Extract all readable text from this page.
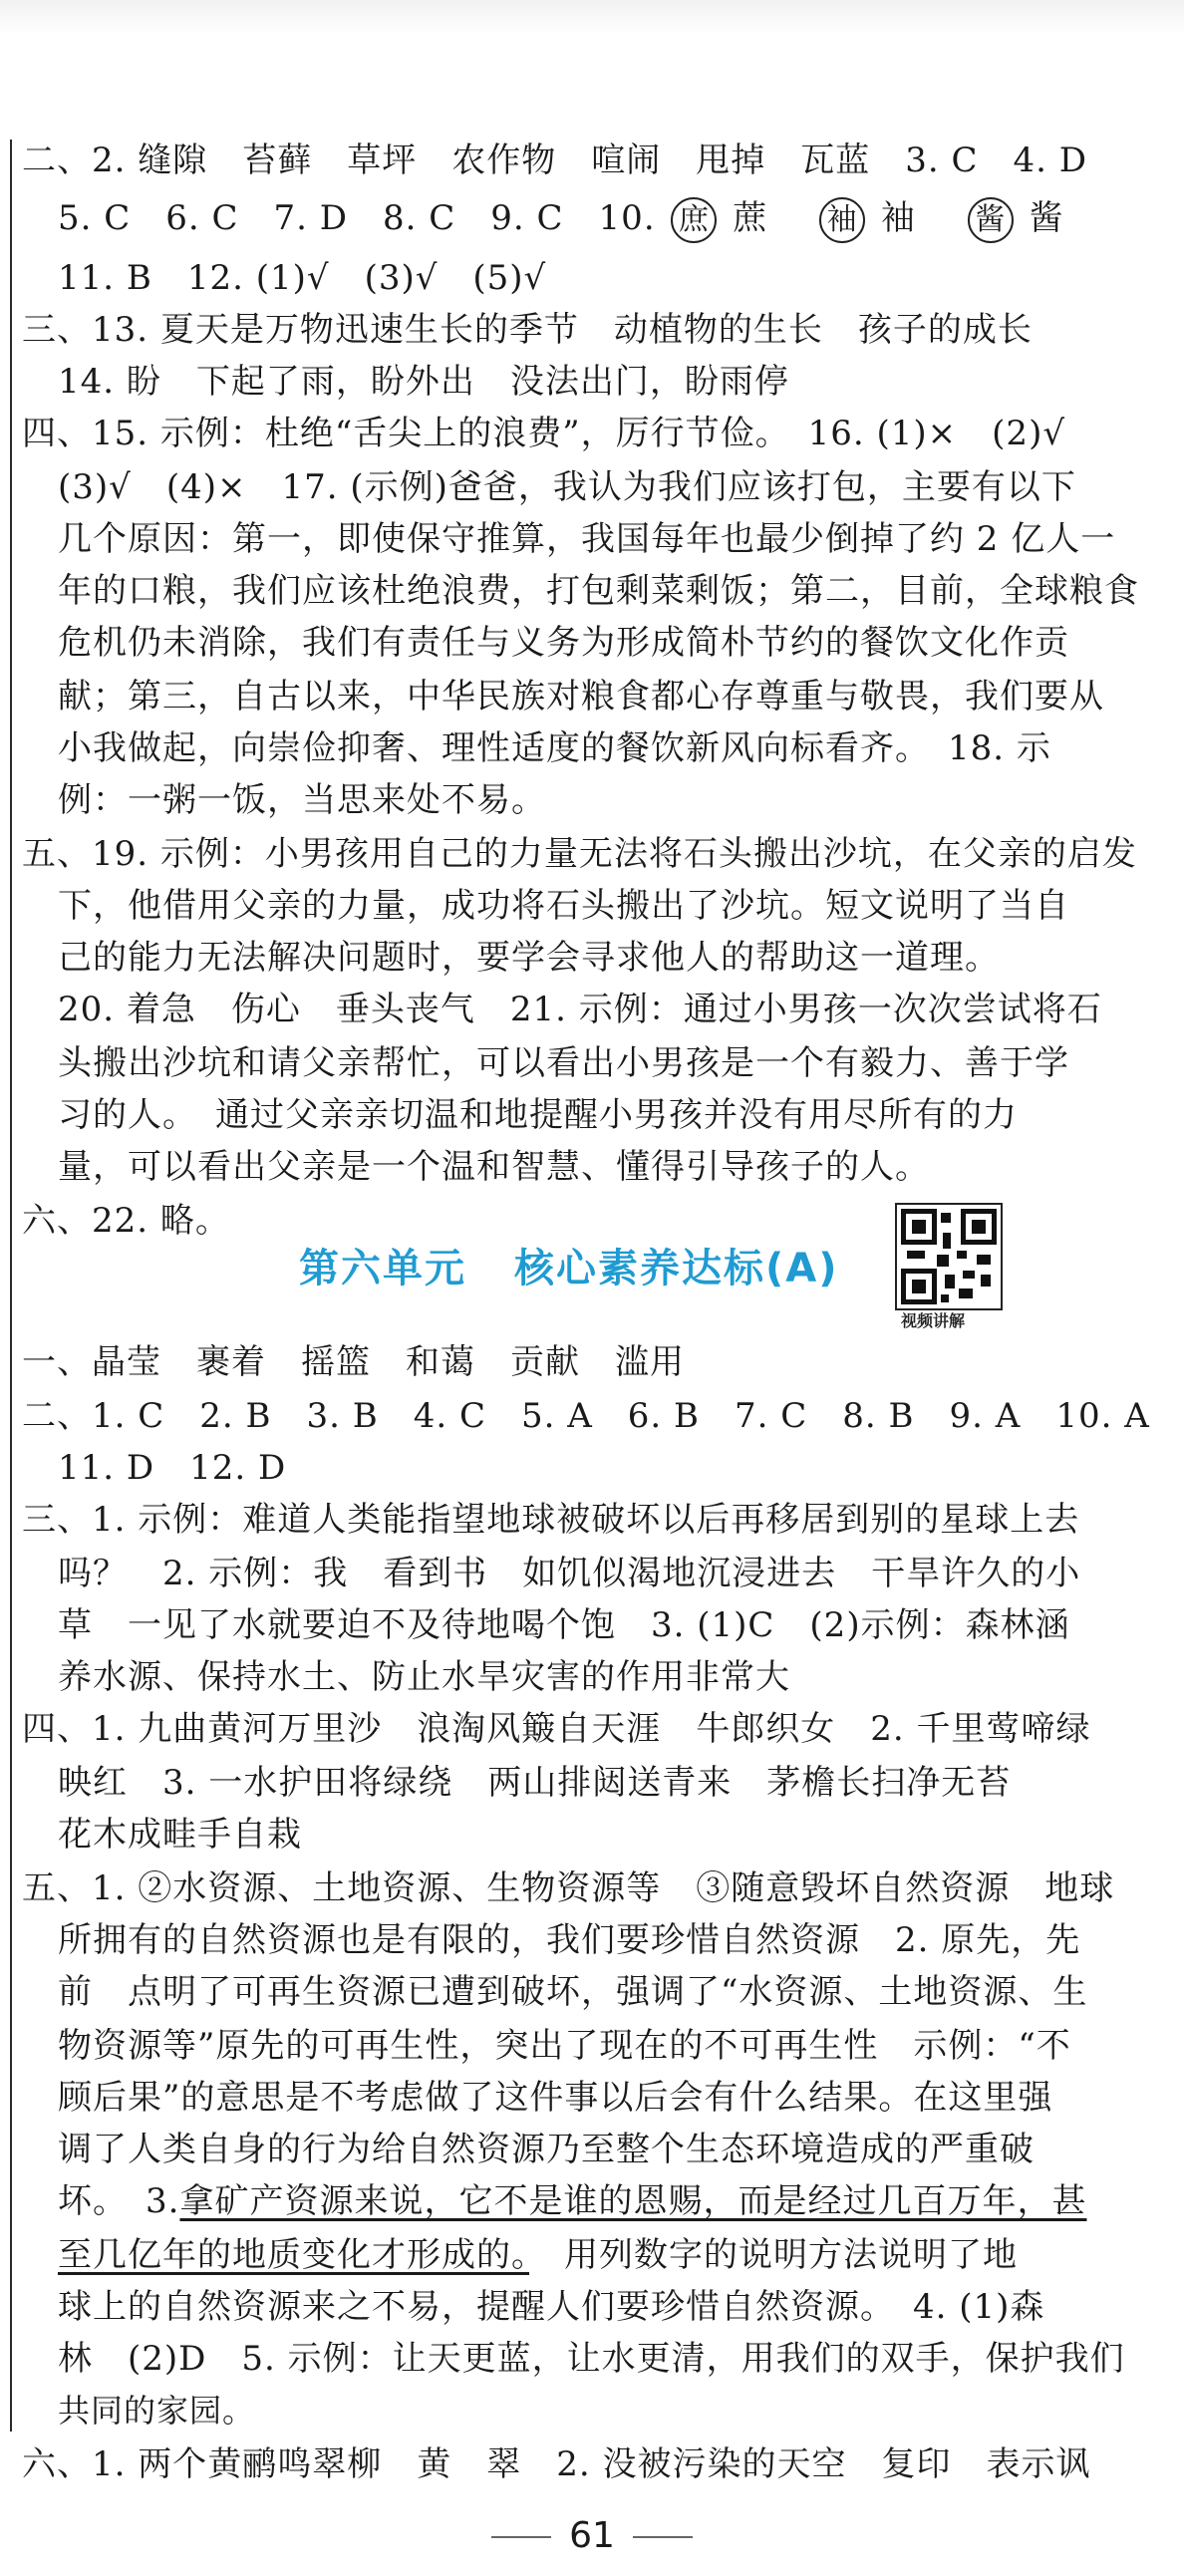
二、2. 缝隙　苔藓　草坪　农作物　喧闹　甩掉　瓦蓝　3. C　4. D
5. C　6. C　7. D　8. C　9. C　10. 庶 蔗 袖 袖 酱 酱
11. B　12. (1)√　(3)√　(5)√
三、13. 夏天是万物迅速生长的季节　动植物的生长　孩子的成长
14. 盼　下起了雨，盼外出　没法出门，盼雨停
四、15. 示例：杜绝“舌尖上的浪费”，厉行节俭。　16. (1)×　(2)√
(3)√　(4)×　17. (示例)爸爸，我认为我们应该打包，主要有以下
几个原因：第一，即使保守推算，我国每年也最少倒掉了约 2 亿人一
年的口粮，我们应该杜绝浪费，打包剩菜剩饭；第二，目前，全球粮食
危机仍未消除，我们有责任与义务为形成简朴节约的餐饮文化作贡
献；第三，自古以来，中华民族对粮食都心存尊重与敬畏，我们要从
小我做起，向崇俭抑奢、理性适度的餐饮新风向标看齐。　18. 示
例：一粥一饭，当思来处不易。
五、19. 示例：小男孩用自己的力量无法将石头搬出沙坑，在父亲的启发
下，他借用父亲的力量，成功将石头搬出了沙坑。短文说明了当自
己的能力无法解决问题时，要学会寻求他人的帮助这一道理。
20. 着急　伤心　垂头丧气　21. 示例：通过小男孩一次次尝试将石
头搬出沙坑和请父亲帮忙，可以看出小男孩是一个有毅力、善于学
习的人。　通过父亲亲切温和地提醒小男孩并没有用尽所有的力
量，可以看出父亲是一个温和智慧、懂得引导孩子的人。
六、22. 略。
第六单元 核心素养达标(A)
视频讲解
一、晶莹　裹着　摇篮　和蔼　贡献　滥用
二、1. C　2. B　3. B　4. C　5. A　6. B　7. C　8. B　9. A　10. A
11. D　12. D
三、1. 示例：难道人类能指望地球被破坏以后再移居到别的星球上去
吗？　2. 示例：我　看到书　如饥似渴地沉浸进去　干旱许久的小
草　一见了水就要迫不及待地喝个饱　3. (1)C　(2)示例：森林涵
养水源、保持水土、防止水旱灾害的作用非常大
四、1. 九曲黄河万里沙　浪淘风簸自天涯　牛郎织女　2. 千里莺啼绿
映红　3. 一水护田将绿绕　两山排闼送青来　茅檐长扫净无苔
花木成畦手自栽
五、1. ②水资源、土地资源、生物资源等　③随意毁坏自然资源　地球
所拥有的自然资源也是有限的，我们要珍惜自然资源　2. 原先，先
前　点明了可再生资源已遭到破坏，强调了“水资源、土地资源、生
物资源等”原先的可再生性，突出了现在的不可再生性　示例：“不
顾后果”的意思是不考虑做了这件事以后会有什么结果。在这里强
调了人类自身的行为给自然资源乃至整个生态环境造成的严重破
坏。　3.拿矿产资源来说，它不是谁的恩赐，而是经过几百万年，甚
至几亿年的地质变化才形成的。　用列数字的说明方法说明了地
球上的自然资源来之不易，提醒人们要珍惜自然资源。　4. (1)森
林　(2)D　5. 示例：让天更蓝，让水更清，用我们的双手，保护我们
共同的家园。
六、1. 两个黄鹂鸣翠柳　黄　翠　2. 没被污染的天空　复印　表示讽
61
